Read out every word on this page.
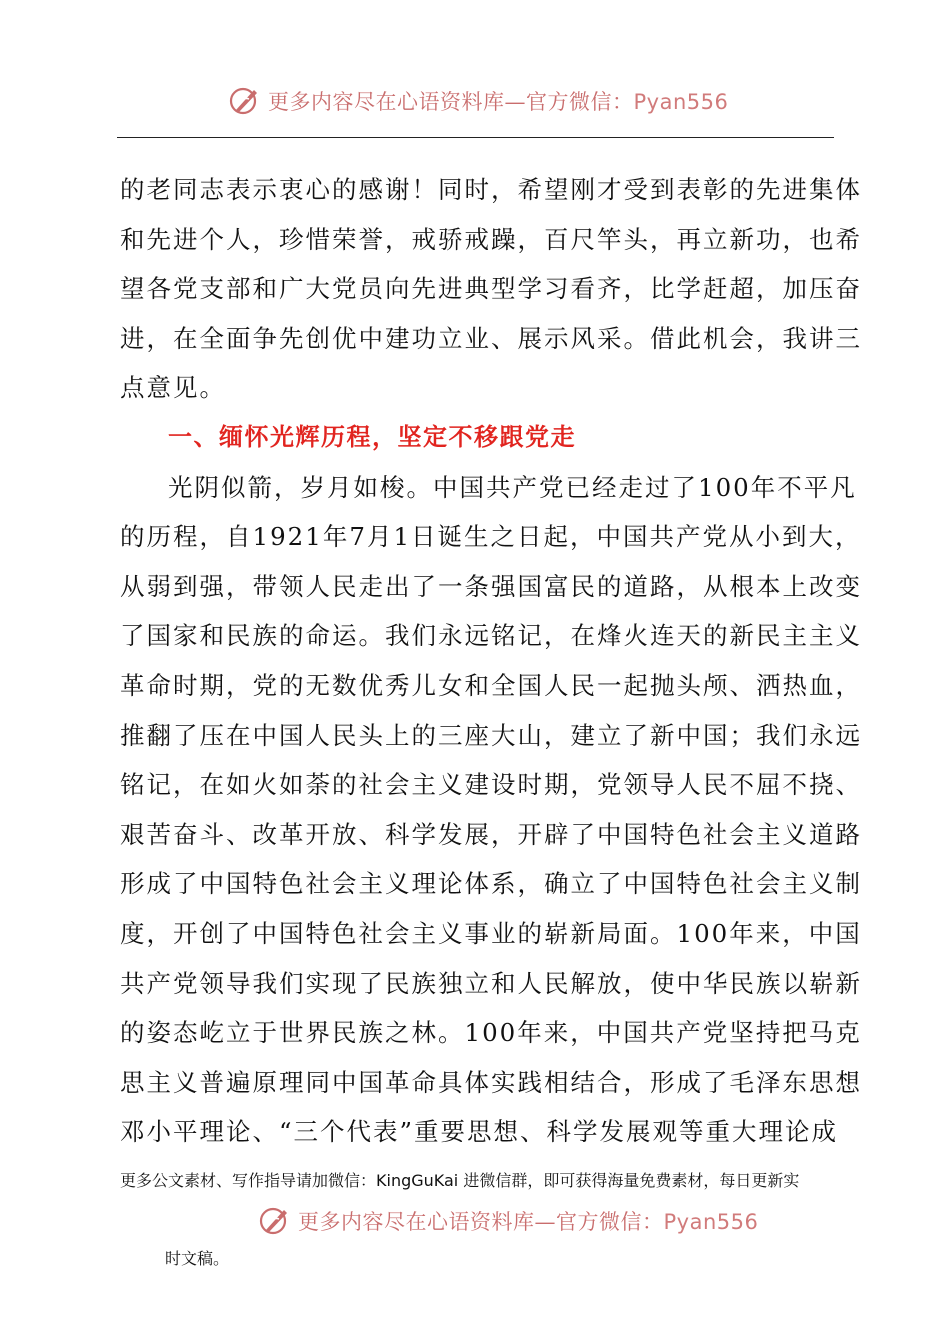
更多内容尽在心语资料库—官方微信：Pyan556
的老同志表示衷心的感谢！同时，希望刚才受到表彰的先进集体
和先进个人，珍惜荣誉，戒骄戒躁，百尺竿头，再立新功，也希
望各党支部和广大党员向先进典型学习看齐，比学赶超，加压奋
进，在全面争先创优中建功立业、展示风采。借此机会，我讲三
点意见。
一、缅怀光辉历程，坚定不移跟党走
光阴似箭，岁月如梭。中国共产党已经走过了100年不平凡
的历程，自1921年7月1日诞生之日起，中国共产党从小到大，
从弱到强，带领人民走出了一条强国富民的道路，从根本上改变
了国家和民族的命运。我们永远铭记，在烽火连天的新民主主义
革命时期，党的无数优秀儿女和全国人民一起抛头颅、洒热血，
推翻了压在中国人民头上的三座大山，建立了新中国；我们永远
铭记，在如火如荼的社会主义建设时期，党领导人民不屈不挠、
艰苦奋斗、改革开放、科学发展，开辟了中国特色社会主义道路
形成了中国特色社会主义理论体系，确立了中国特色社会主义制
度，开创了中国特色社会主义事业的崭新局面。100年来，中国
共产党领导我们实现了民族独立和人民解放，使中华民族以崭新
的姿态屹立于世界民族之林。100年来，中国共产党坚持把马克
思主义普遍原理同中国革命具体实践相结合，形成了毛泽东思想
邓小平理论、“三个代表”重要思想、科学发展观等重大理论成
更多公文素材、写作指导请加微信：KingGuKai 进微信群，即可获得海量免费素材，每日更新实
更多内容尽在心语资料库—官方微信：Pyan556
时文稿。
